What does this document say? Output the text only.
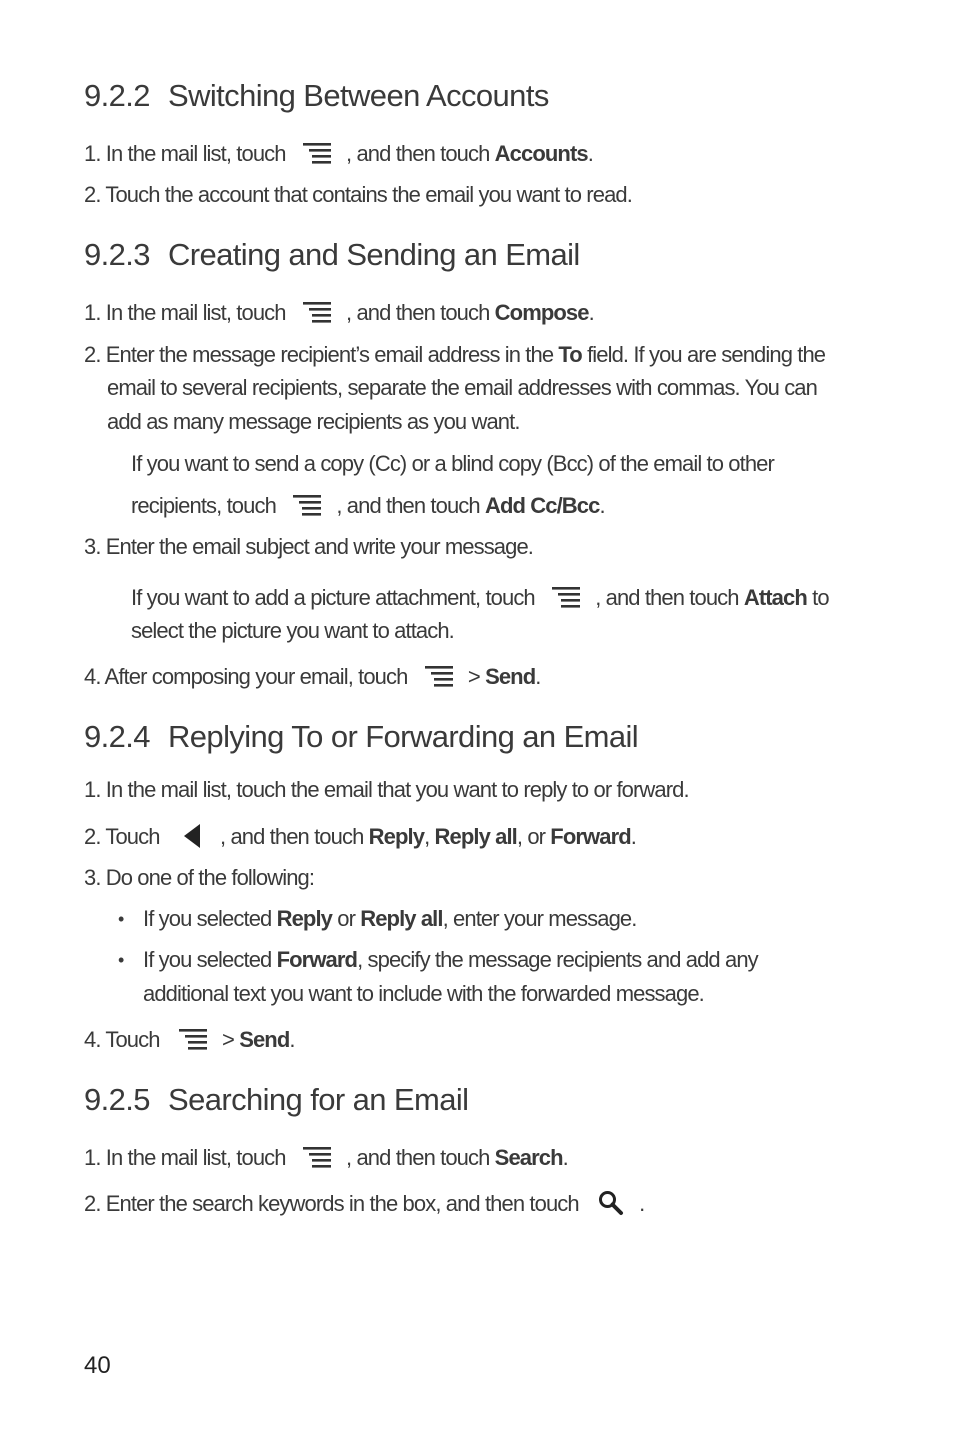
9.2.2 Switching Between Accounts

1. In the mail list, touch	, and then touch Accounts.

2. Touch the account that contains the email you want to read.

9.2.3 Creating and Sending an Email

1. In the mail list, touch	, and then touch Compose.

2. Enter the message recipient’s email address in the To field. If you are sending the

email to several recipients, separate the email addresses with commas. You can

add as many message recipients as you want.

If you want to send a copy (Cc) or a blind copy (Bcc) of the email to other

recipients, touch	, and then touch Add Cc/Bcc.

3. Enter the email subject and write your message.

If you want to add a picture attachment, touch	, and then touch Attach to

select the picture you want to attach.

4. After composing your email, touch	> Send.

9.2.4 Replying To or Forwarding an Email

1. In the mail list, touch the email that you want to reply to or forward.

2. Touch	, and then touch Reply, Reply all, or Forward.

3. Do one of the following:

• If you selected Reply or Reply all, enter your message.

• If you selected Forward, specify the message recipients and add any

additional text you want to include with the forwarded message.

4. Touch	> Send.

9.2.5 Searching for an Email

1. In the mail list, touch	, and then touch Search.

2. Enter the search keywords in the box, and then touch	.

40
